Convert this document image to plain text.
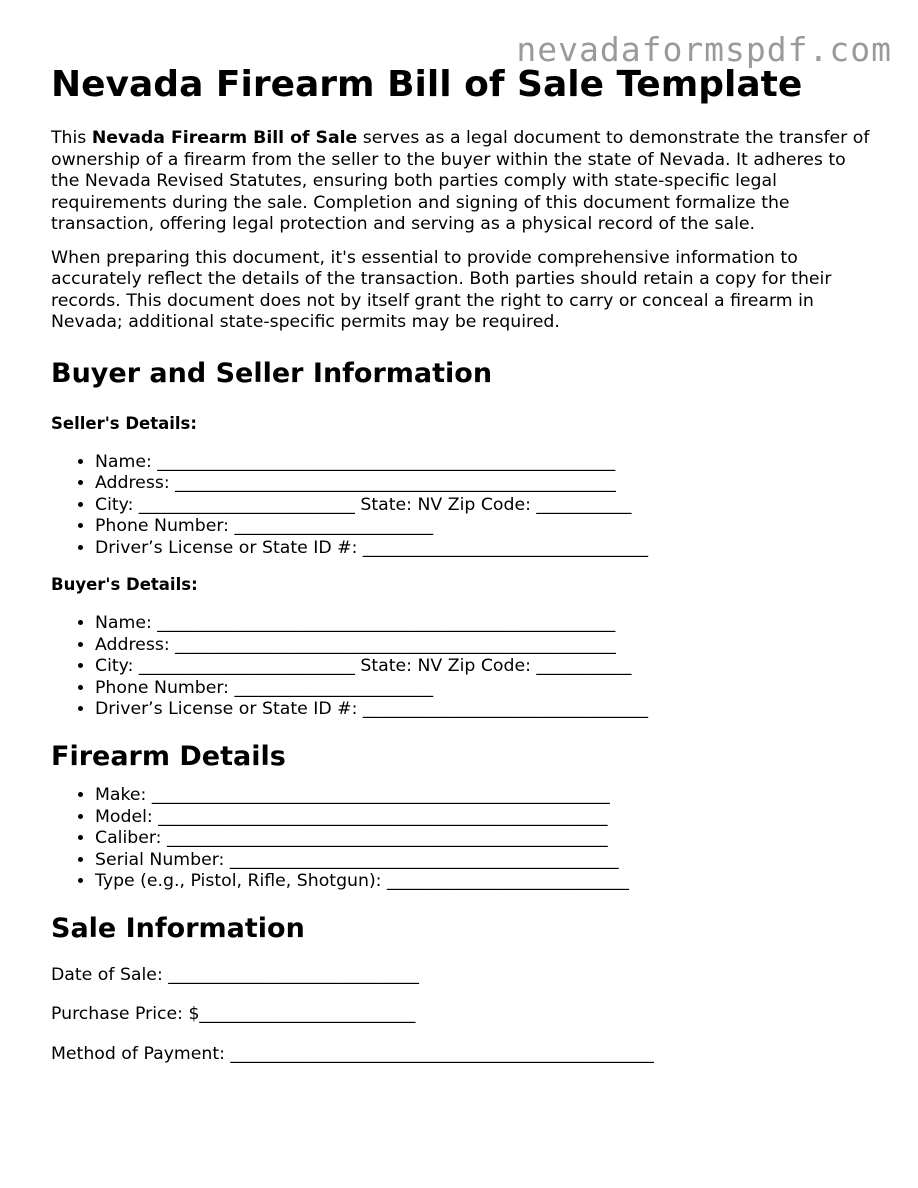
nevadaformspdf.com
Nevada Firearm Bill of Sale Template

This Nevada Firearm Bill of Sale serves as a legal document to demonstrate the transfer of ownership of a firearm from the seller to the buyer within the state of Nevada. It adheres to the Nevada Revised Statutes, ensuring both parties comply with state-specific legal requirements during the sale. Completion and signing of this document formalize the transaction, offering legal protection and serving as a physical record of the sale.

When preparing this document, it's essential to provide comprehensive information to accurately reflect the details of the transaction. Both parties should retain a copy for their records. This document does not by itself grant the right to carry or conceal a firearm in Nevada; additional state-specific permits may be required.

Buyer and Seller Information
Seller's Details:
• Name: _____________________________________________________
• Address: ___________________________________________________
• City: _________________________ State: NV Zip Code: ___________
• Phone Number: _______________________
• Driver’s License or State ID #: _________________________________
Buyer's Details:
• Name: _____________________________________________________
• Address: ___________________________________________________
• City: _________________________ State: NV Zip Code: ___________
• Phone Number: _______________________
• Driver’s License or State ID #: _________________________________
Firearm Details
• Make: _____________________________________________________
• Model: ____________________________________________________
• Caliber: ___________________________________________________
• Serial Number: _____________________________________________
• Type (e.g., Pistol, Rifle, Shotgun): ____________________________
Sale Information

Date of Sale: _____________________________

Purchase Price: $_________________________

Method of Payment: _________________________________________________
